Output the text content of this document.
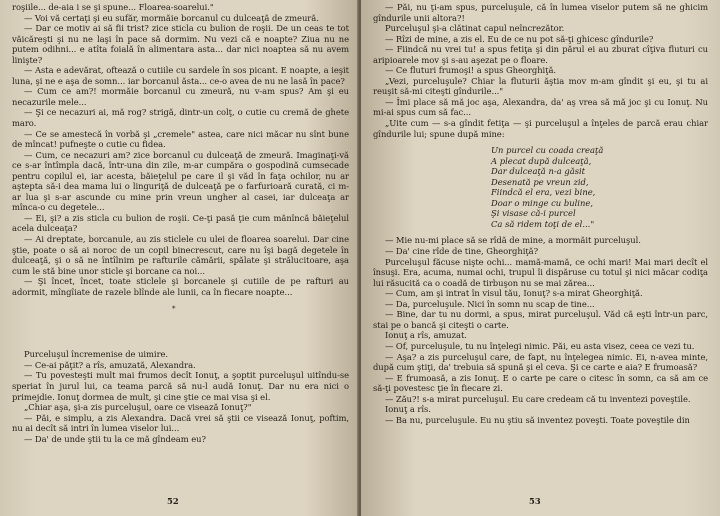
roşiile... de-aia i se şi spune... Floarea-soarelui."

— Voi vă certaţi şi eu sufăr, mormăie borcanul cu dulceaţă de zmeură.

— Dar ce motiv ai să fii trist? zice sticla cu bulion de roşii. De un ceas te tot văicăreşti şi nu ne laşi în pace să dormim. Nu vezi că e noapte? Ziua nu ne putem odihni... e atîta foială în alimentara asta... dar nici noaptea să nu avem linişte?

— Asta e adevărat, oftează o cutiile cu sardele în sos picant. E noapte, a ieşit luna, şi ne e aşa de somn... iar borcanul ăsta... ce-o avea de nu ne lasă în pace?

— Cum ce am?! mormăie borcanul cu zmeură, nu v-am spus? Am şi eu necazurile mele...

— Şi ce necazuri ai, mă rog? strigă, dintr-un colţ, o cutie cu cremă de ghete maro.

— Ce se amestecă în vorbă şi „cremele" astea, care nici măcar nu sînt bune de mîncat! pufneşte o cutie cu fidea.

— Cum, ce necazuri am? zice borcanul cu dulceaţă de zmeură. Imaginaţi-vă ce s-ar întîmpla dacă, într-una din zile, m-ar cumpăra o gospodină cumsecade pentru copilul ei, iar acesta, băieţelul pe care il şi văd în faţa ochilor, nu ar aştepta să-i dea mama lui o linguriţă de dulceaţă pe o farfurioară curată, ci m-ar lua şi s-ar ascunde cu mine prin vreun ungher al casei, iar dulceaţa ar mînca-o cu degetele...

— Ei, şi? a zis sticla cu bulion de roşii. Ce-ţi pasă ţie cum mănîncă băieţelul acela dulceaţa?

— Ai dreptate, borcanule, au zis sticlele cu ulei de floarea soarelui. Dar cine ştie, poate o să ai noroc de un copil binecrescut, care nu îşi bagă degetele în dulceaţă, şi o să ne întîlnim pe rafturile cămării, spălate şi strălucitoare, aşa cum le stă bine unor sticle şi borcane ca noi...

— Şi încet, încet, toate sticlele şi borcanele şi cutiile de pe rafturi au adormit, mîngîiate de razele blînde ale lunii, ca în fiecare noapte...

*

Purceluşul încremenise de uimire.

— Ce-ai păţit? a rîs, amuzată, Alexandra.

— Tu povesteşti mult mai frumos decît Ionuţ, a şoptit purceluşul uitîndu-se speriat în jurul lui, ca teama parcă să nu-l audă Ionuţ. Dar nu era nici o primejdie. Ionuţ dormea de mult, şi cine ştie ce mai visa şi el.

„Chiar aşa, şi-a zis purceluşul, oare ce visează Ionuţ?"

— Păi, e simplu, a zis Alexandra. Dacă vrei să ştii ce visează Ionuţ, poftim, nu ai decît să intri în lumea viselor lui...

— Da' de unde ştii tu la ce mă gîndeam eu?

52

— Păi, nu ţi-am spus, purceluşule, că în lumea viselor putem să ne ghicim gîndurile unii altora?!

Purceluşul şi-a clătinat capul neîncrezător.

— Rîzi de mine, a zis el. Eu de ce nu pot să-ţi ghicesc gîndurile?

— Fiindcă nu vrei tu! a spus fetiţa şi din părul ei au zburat cîţiva fluturi cu aripioarele mov şi s-au aşezat pe o floare.

— Ce fluturi frumoşi! a spus Gheorghiţă.

„Vezi, purceluşule? Chiar la fluturii ăştia mov m-am gîndit şi eu, şi tu ai reuşit să-mi citeşti gîndurile..."

— Îmi place să mă joc aşa, Alexandra, da' aş vrea să mă joc şi cu Ionuţ. Nu mi-ai spus cum să fac...

„Uite cum — s-a gîndit fetiţa — şi purceluşul a înţeles de parcă erau chiar gîndurile lui; spune după mine:

Un purcel cu coada creaţă
A plecat după dulceaţă,
Dar dulceaţă n-a găsit
Desenată pe vreun zid,
Fiindcă el era, vezi bine,
Doar o minge cu buline,
Şi visase că-i purcel
Ca să ridem toţi de el..."

— Mie nu-mi place să se rîdă de mine, a mormăit purceluşul.

— Da' cine rîde de tine, Gheorghiţă?

Purceluşul făcuse nişte ochi... mamă-mamă, ce ochi mari! Mai mari decît el însuşi. Era, acuma, numai ochi, trupul îi dispăruse cu totul şi nici măcar codiţa lui răsucită ca o coadă de tirbuşon nu se mai zărea...

— Cum, am şi intrat în visul tău, Ionuţ? s-a mirat Gheorghiţă.

— Da, purceluşule. Nici în somn nu scap de tine...

— Bine, dar tu nu dormi, a spus, mirat purceluşul. Văd că eşti într-un parc, stai pe o bancă şi citeşti o carte.

Ionuţ a rîs, amuzat.

— Of, purceluşule, tu nu înţelegi nimic. Păi, eu asta visez, ceea ce vezi tu.

— Aşa? a zis purceluşul care, de fapt, nu înţelegea nimic. Ei, n-avea minte, după cum ştiţi, da' trebuia să spună şi el ceva. Şi ce carte e aia? E frumoasă?

— E frumoasă, a zis Ionuţ. E o carte pe care o citesc în somn, ca să am ce să-ţi povestesc ţie în fiecare zi.

— Zău?! s-a mirat purceluşul. Eu care credeam că tu inventezi poveştile.

Ionuţ a rîs.

— Ba nu, purceluşule. Eu nu ştiu să inventez poveşti. Toate poveştile din

53
